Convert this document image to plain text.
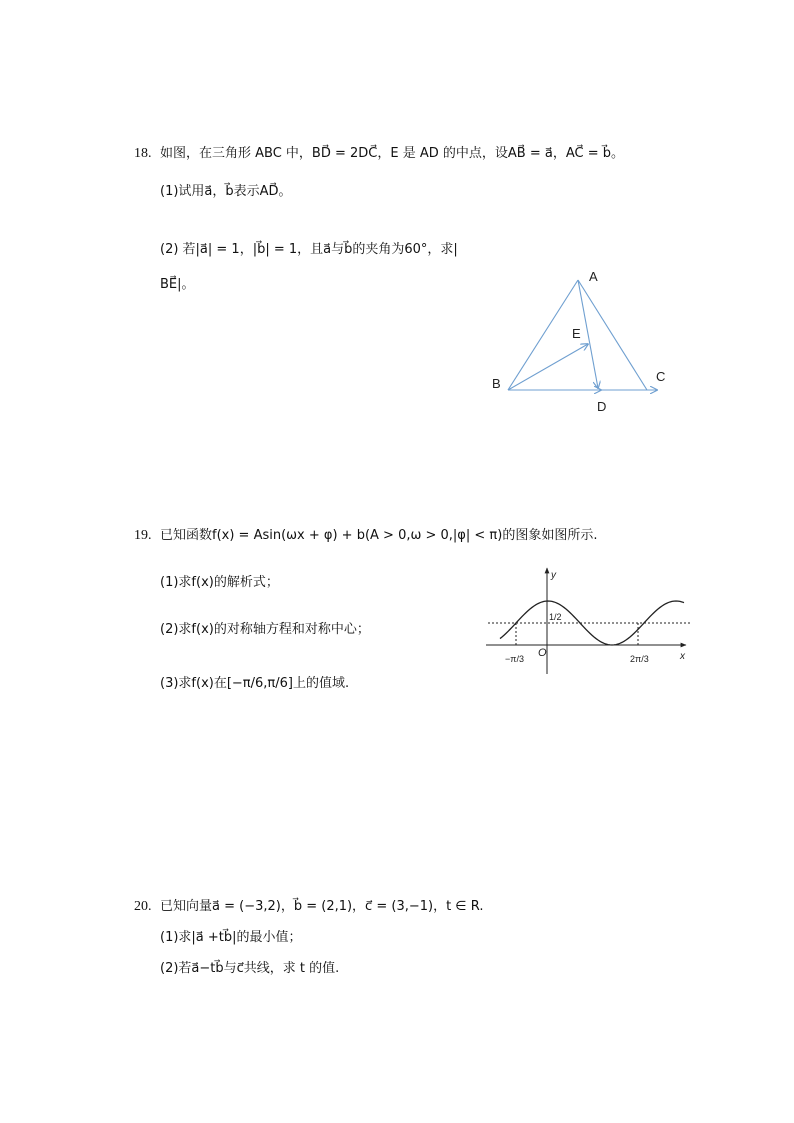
18. 如图，在三角形 ABC 中，BD⃗ = 2DC⃗，E 是 AD 的中点，设AB⃗ = a⃗，AC⃗ = b⃗。
(1)试用a⃗，b⃗表示AD⃗。
(2) 若|a⃗| = 1，|b⃗| = 1，且a⃗与b⃗的夹角为60°，求|
BE⃗|。
A
B	C
D
E
19. 已知函数f(x) = Asin(ωx + φ) + b(A > 0,ω > 0,|φ| < π)的图象如图所示.
(1)求f(x)的解析式；
(2)求f(x)的对称轴方程和对称中心；
(3)求f(x)在[−π/6,π/6]上的值域.
y
x
O
1/2
−π/3	2π/3
20. 已知向量a⃗ = (−3,2)，b⃗ = (2,1)，c⃗ = (3,−1)，t ∈ R.
(1)求|a⃗ +tb⃗|的最小值；
(2)若a⃗−tb⃗与c⃗共线，求 t 的值.
